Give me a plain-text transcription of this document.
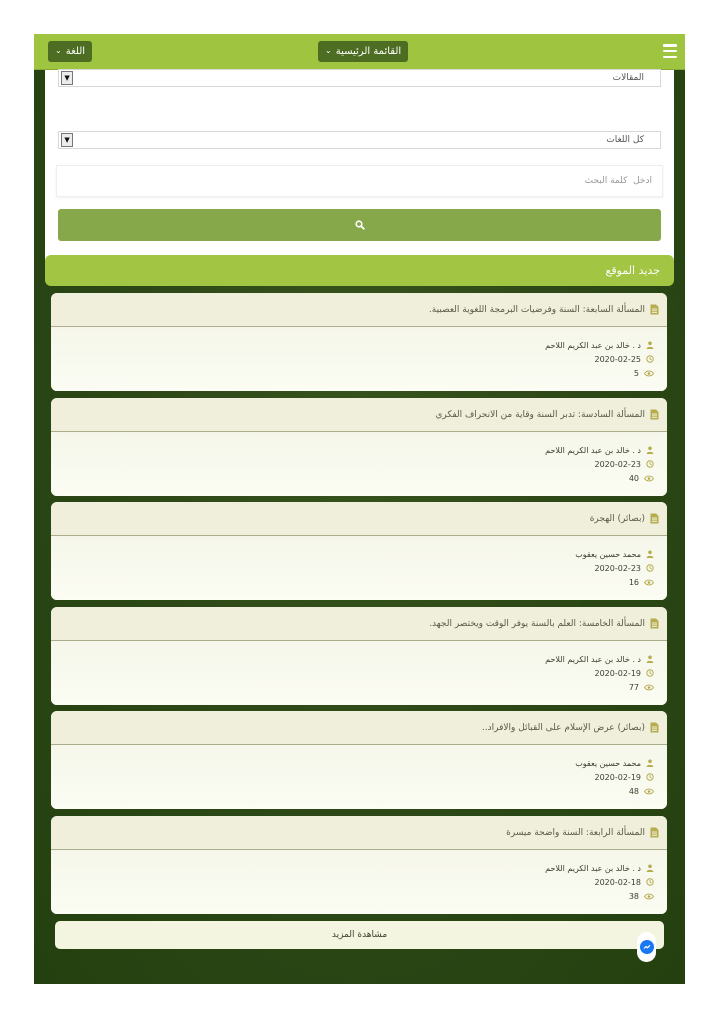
القائمة الرئيسية
⌄
اللغة
⌄
المقالات
▼
كل اللغات
▼
أدخل كلمة البحث
جديد الموقع
المسألة السابعة: السنة وفرضيات البرمجة اللغوية العصبية.
د . خالد بن عبد الكريم اللاحم
2020-02-25
5
المسألة السادسة: تدبر السنة وقاية من الانحراف الفكري
د . خالد بن عبد الكريم اللاحم
2020-02-23
40
(بصائر) الهجرة
محمد حسين يعقوب
2020-02-23
16
المسألة الخامسة: العلم بالسنة يوفر الوقت ويختصر الجهد.
د . خالد بن عبد الكريم اللاحم
2020-02-19
77
(بصائر) عرض الإسلام على القبائل والافراد..
محمد حسين يعقوب
2020-02-19
48
المسألة الرابعة: السنة واضحة ميسرة
د . خالد بن عبد الكريم اللاحم
2020-02-18
38
مشاهدة المزيد
